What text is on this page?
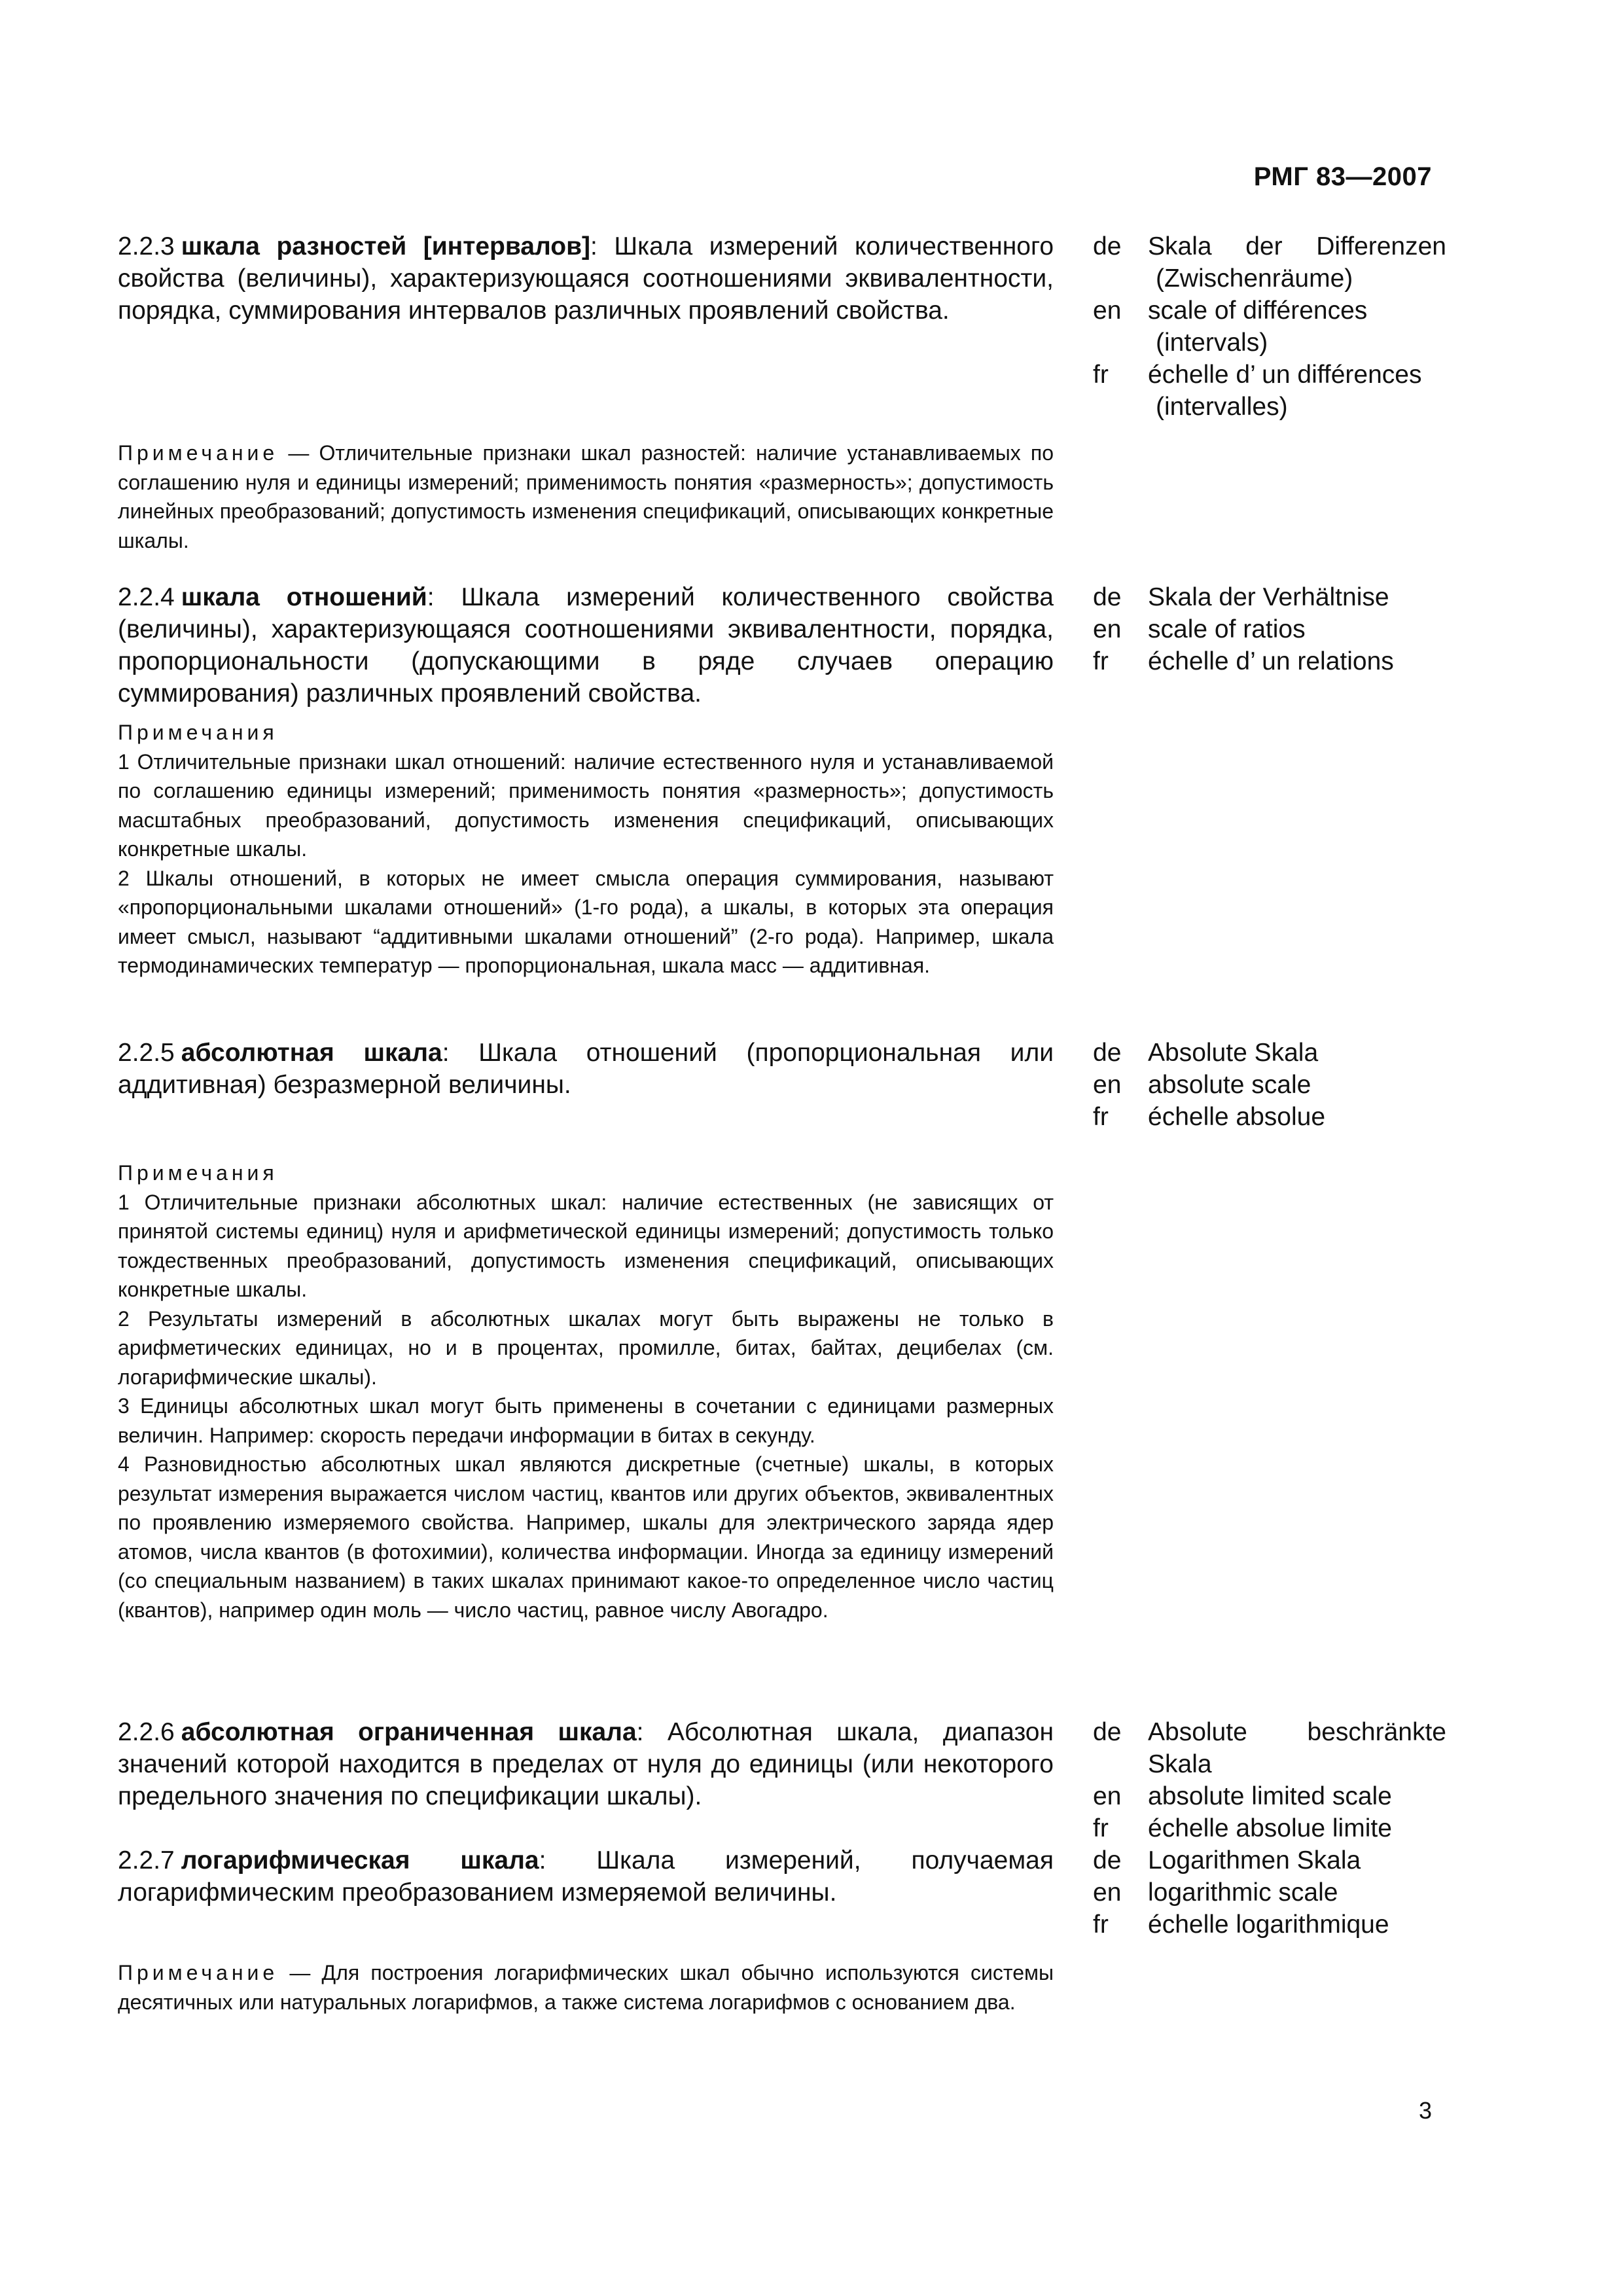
РМГ 83—2007
2.2.3 шкала разностей [интервалов]: Шкала измерений количественного свойства (величины), характеризующаяся соотношениями эквивалентности, порядка, суммирования интервалов различных проявлений свойства.
de	Skala der Differenzen
(Zwischenräume)
en	scale of différences
(intervals)
fr	échelle d’ un différences
(intervalles)

Примечание — Отличительные признаки шкал разностей: наличие устанавливаемых по соглашению нуля и единицы измерений; применимость понятия «размерность»; допустимость линейных преобразований; допустимость изменения спецификаций, описывающих конкретные шкалы.

2.2.4 шкала отношений: Шкала измерений количественного свойства (величины), характеризующаяся соотношениями эквивалентности, порядка, пропорциональности (допускающими в ряде случаев операцию суммирования) различных проявлений свойства.
de	Skala der Verhältnise
en	scale of ratios
fr	échelle d’ un relations

Примечания

1 Отличительные признаки шкал отношений: наличие естественного нуля и устанавливаемой по соглашению единицы измерений; применимость понятия «размерность»; допустимость масштабных преобразований, допустимость изменения спецификаций, описывающих конкретные шкалы.

2 Шкалы отношений, в которых не имеет смысла операция суммирования, называют «пропорциональными шкалами отношений» (1-го рода), а шкалы, в которых эта операция имеет смысл, называют “аддитивными шкалами отношений” (2-го рода). Например, шкала термодинамических температур — пропорциональная, шкала масс — аддитивная.

2.2.5 абсолютная шкала: Шкала отношений (пропорциональная или аддитивная) безразмерной величины.
de	Absolute Skala
en	absolute scale
fr	échelle absolue

Примечания

1 Отличительные признаки абсолютных шкал: наличие естественных (не зависящих от принятой системы единиц) нуля и арифметической единицы измерений; допустимость только тождественных преобразований, допустимость изменения спецификаций, описывающих конкретные шкалы.

2 Результаты измерений в абсолютных шкалах могут быть выражены не только в арифметических единицах, но и в процентах, промилле, битах, байтах, децибелах (см. логарифмические шкалы).

3 Единицы абсолютных шкал могут быть применены в сочетании с единицами размерных величин. Например: скорость передачи информации в битах в секунду.

4 Разновидностью абсолютных шкал являются дискретные (счетные) шкалы, в которых результат измерения выражается числом частиц, квантов или других объектов, эквивалентных по проявлению измеряемого свойства. Например, шкалы для электрического заряда ядер атомов, числа квантов (в фотохимии), количества информации. Иногда за единицу измерений (со специальным названием) в таких шкалах принимают какое-то определенное число частиц (квантов), например один моль — число частиц, равное числу Авогадро.

2.2.6 абсолютная ограниченная шкала: Абсолютная шкала, диапазон значений которой находится в пределах от нуля до единицы (или некоторого предельного значения по спецификации шкалы).
de	Absolute beschränkte
Skala
en	absolute limited scale
fr	échelle absolue limite
2.2.7 логарифмическая шкала: Шкала измерений, получаемая логарифмическим преобразованием измеряемой величины.
de	Logarithmen Skala
en	logarithmic scale
fr	échelle logarithmique

Примечание — Для построения логарифмических шкал обычно используются системы десятичных или натуральных логарифмов, а также система логарифмов с основанием два.

3
